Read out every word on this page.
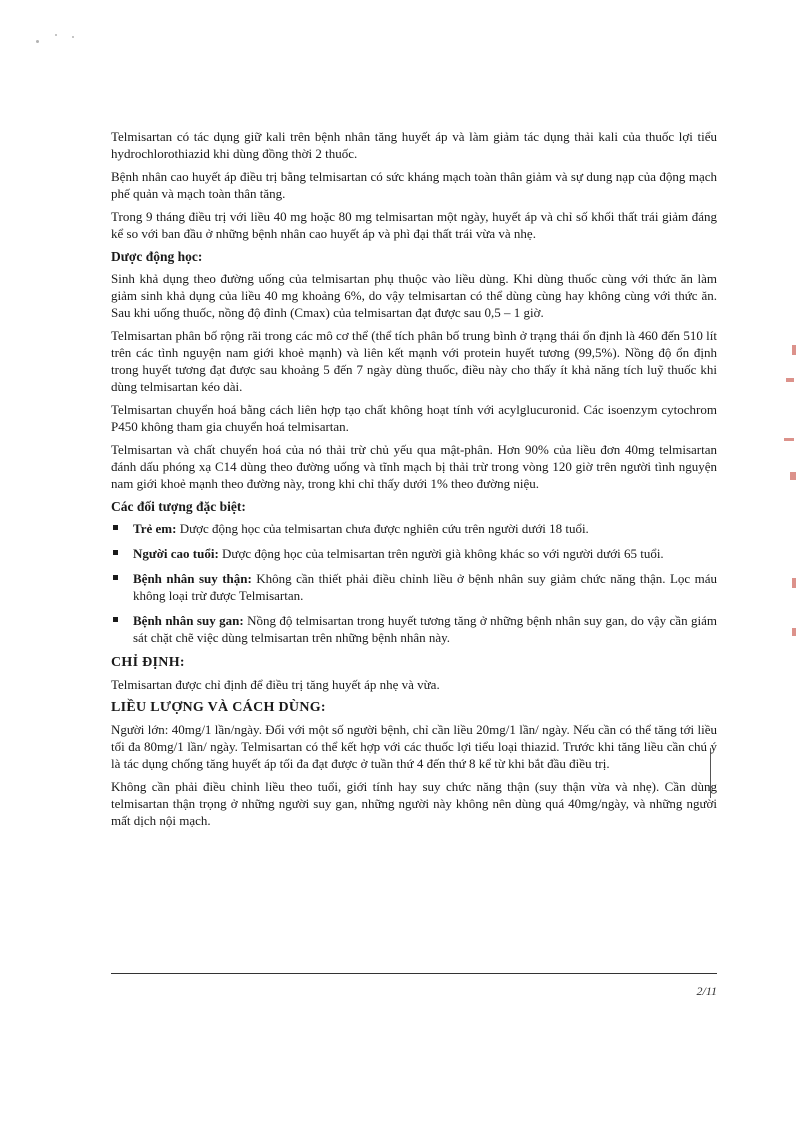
Telmisartan có tác dụng giữ kali trên bệnh nhân tăng huyết áp và làm giảm tác dụng thải kali của thuốc lợi tiểu hydrochlorothiazid khi dùng đồng thời 2 thuốc.

Bệnh nhân cao huyết áp điều trị bằng telmisartan có sức kháng mạch toàn thân giảm và sự dung nạp của động mạch phế quản và mạch toàn thân tăng.

Trong 9 tháng điều trị với liều 40 mg hoặc 80 mg telmisartan một ngày, huyết áp và chỉ số khối thất trái giảm đáng kể so với ban đầu ở những bệnh nhân cao huyết áp và phì đại thất trái vừa và nhẹ.

Dược động học:

Sinh khả dụng theo đường uống của telmisartan phụ thuộc vào liều dùng. Khi dùng thuốc cùng với thức ăn làm giảm sinh khả dụng của liều 40 mg khoảng 6%, do vậy telmisartan có thể dùng cùng hay không cùng với thức ăn. Sau khi uống thuốc, nồng độ đỉnh (Cmax) của telmisartan đạt được sau 0,5 – 1 giờ.

Telmisartan phân bố rộng rãi trong các mô cơ thể (thể tích phân bố trung bình ở trạng thái ổn định là 460 đến 510 lít trên các tình nguyện nam giới khoẻ mạnh) và liên kết mạnh với protein huyết tương (99,5%). Nồng độ ổn định trong huyết tương đạt được sau khoảng 5 đến 7 ngày dùng thuốc, điều này cho thấy ít khả năng tích luỹ thuốc khi dùng telmisartan kéo dài.

Telmisartan chuyển hoá bằng cách liên hợp tạo chất không hoạt tính với acylglucuronid. Các isoenzym cytochrom P450 không tham gia chuyển hoá telmisartan.

Telmisartan và chất chuyển hoá của nó thải trừ chủ yếu qua mật-phân. Hơn 90% của liều đơn 40mg telmisartan đánh dấu phóng xạ C14 dùng theo đường uống và tĩnh mạch bị thải trừ trong vòng 120 giờ trên người tình nguyện nam giới khoẻ mạnh theo đường này, trong khi chỉ thấy dưới 1% theo đường niệu.

Các đối tượng đặc biệt:
Trẻ em: Dược động học của telmisartan chưa được nghiên cứu trên người dưới 18 tuổi.
Người cao tuổi: Dược động học của telmisartan trên người già không khác so với người dưới 65 tuổi.
Bệnh nhân suy thận: Không cần thiết phải điều chỉnh liều ở bệnh nhân suy giảm chức năng thận. Lọc máu không loại trừ được Telmisartan.
Bệnh nhân suy gan: Nồng độ telmisartan trong huyết tương tăng ở những bệnh nhân suy gan, do vậy cần giám sát chặt chẽ việc dùng telmisartan trên những bệnh nhân này.
CHỈ ĐỊNH:

Telmisartan được chỉ định để điều trị tăng huyết áp nhẹ và vừa.

LIỀU LƯỢNG VÀ CÁCH DÙNG:

Người lớn: 40mg/1 lần/ngày. Đối với một số người bệnh, chỉ cần liều 20mg/1 lần/ ngày. Nếu cần có thể tăng tới liều tối đa 80mg/1 lần/ ngày. Telmisartan có thể kết hợp với các thuốc lợi tiểu loại thiazid. Trước khi tăng liều cần chú ý là tác dụng chống tăng huyết áp tối đa đạt được ở tuần thứ 4 đến thứ 8 kể từ khi bắt đầu điều trị.

Không cần phải điều chỉnh liều theo tuổi, giới tính hay suy chức năng thận (suy thận vừa và nhẹ). Cần dùng telmisartan thận trọng ở những người suy gan, những người này không nên dùng quá 40mg/ngày, và những người mất dịch nội mạch.

2/11
